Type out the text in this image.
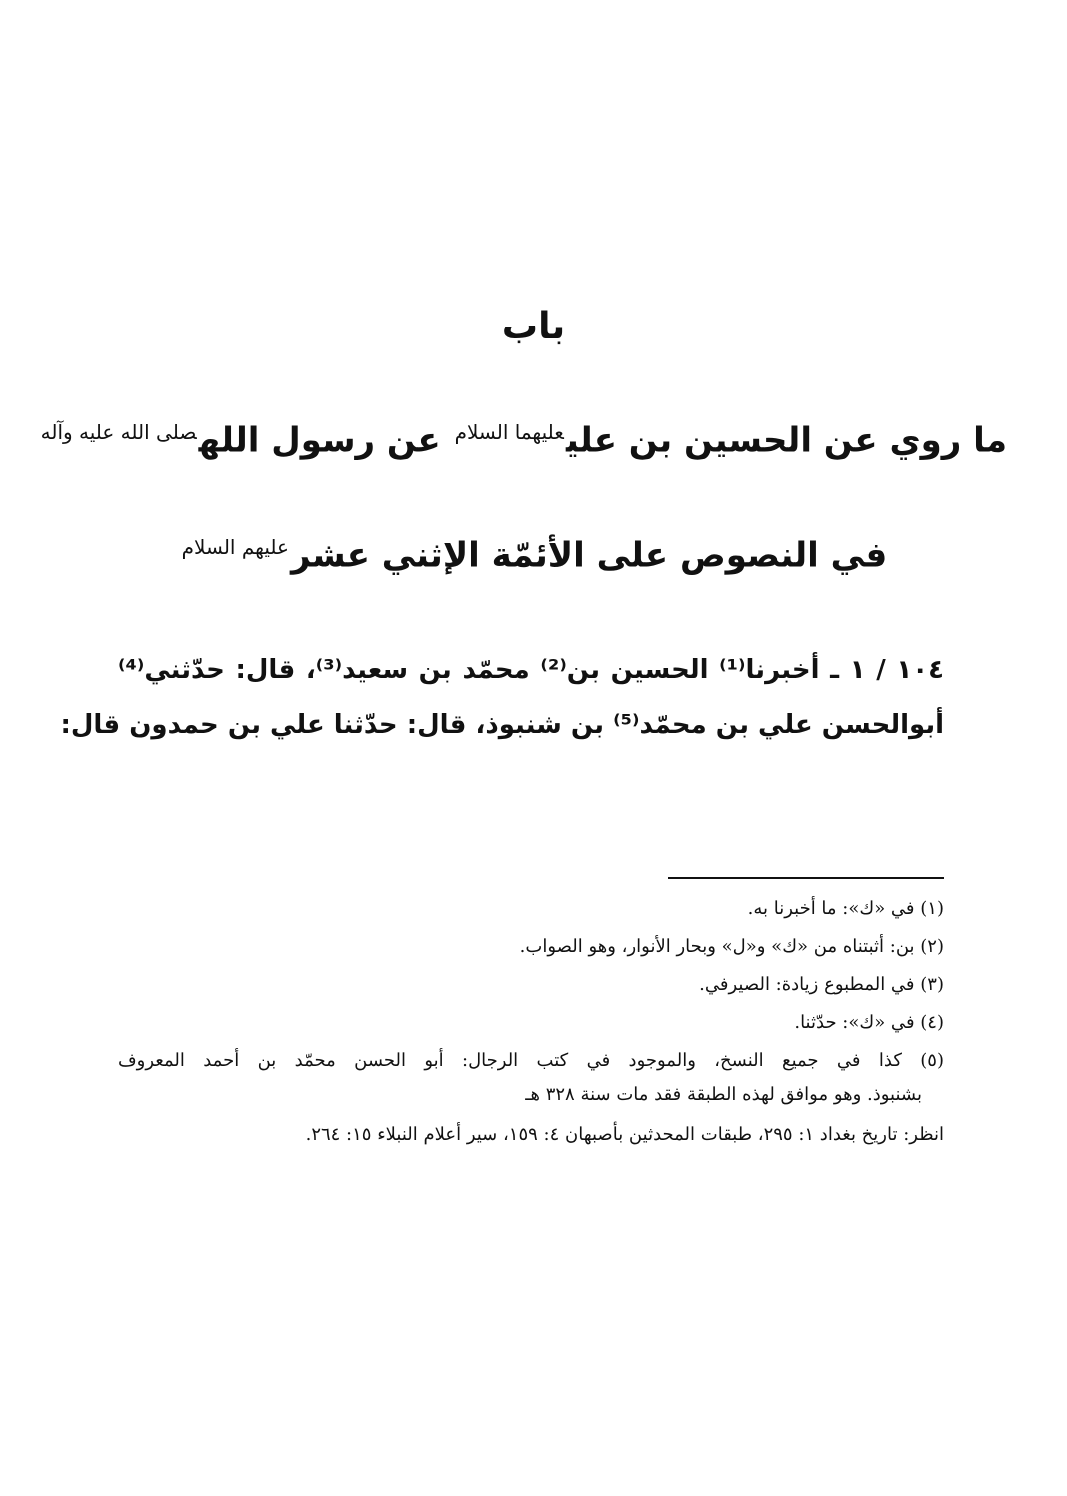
باب
ما روي عن الحسين بن علي$^{عليهما السلام}$ عن رسول الله$^{صلى الله عليه وآله}$
في النصوص على الأئمّة الإثني عشر$^{عليهم السلام}$
١٠٤ / ١ ـ أخبرنا⁽¹⁾ الحسين بن⁽²⁾ محمّد بن سعيد⁽³⁾، قال: حدّثني⁽⁴⁾
أبوالحسن علي بن محمّد⁽⁵⁾ بن شنبوذ، قال: حدّثنا علي بن حمدون قال:
(١) في «ك»: ما أخبرنا به.
(٢) بن: أثبتناه من «ك» و«ل» وبحار الأنوار، وهو الصواب.
(٣) في المطبوع زيادة: الصيرفي.
(٤) في «ك»: حدّثنا.
(٥) كذا في جميع النسخ، والموجود في كتب الرجال: أبو الحسن محمّد بن أحمد المعروف
بشنبوذ. وهو موافق لهذه الطبقة فقد مات سنة ٣٢٨ هـ
انظر: تاريخ بغداد ١: ٢٩٥، طبقات المحدثين بأصبهان ٤: ١٥٩، سير أعلام النبلاء ١٥: ٢٦٤.
